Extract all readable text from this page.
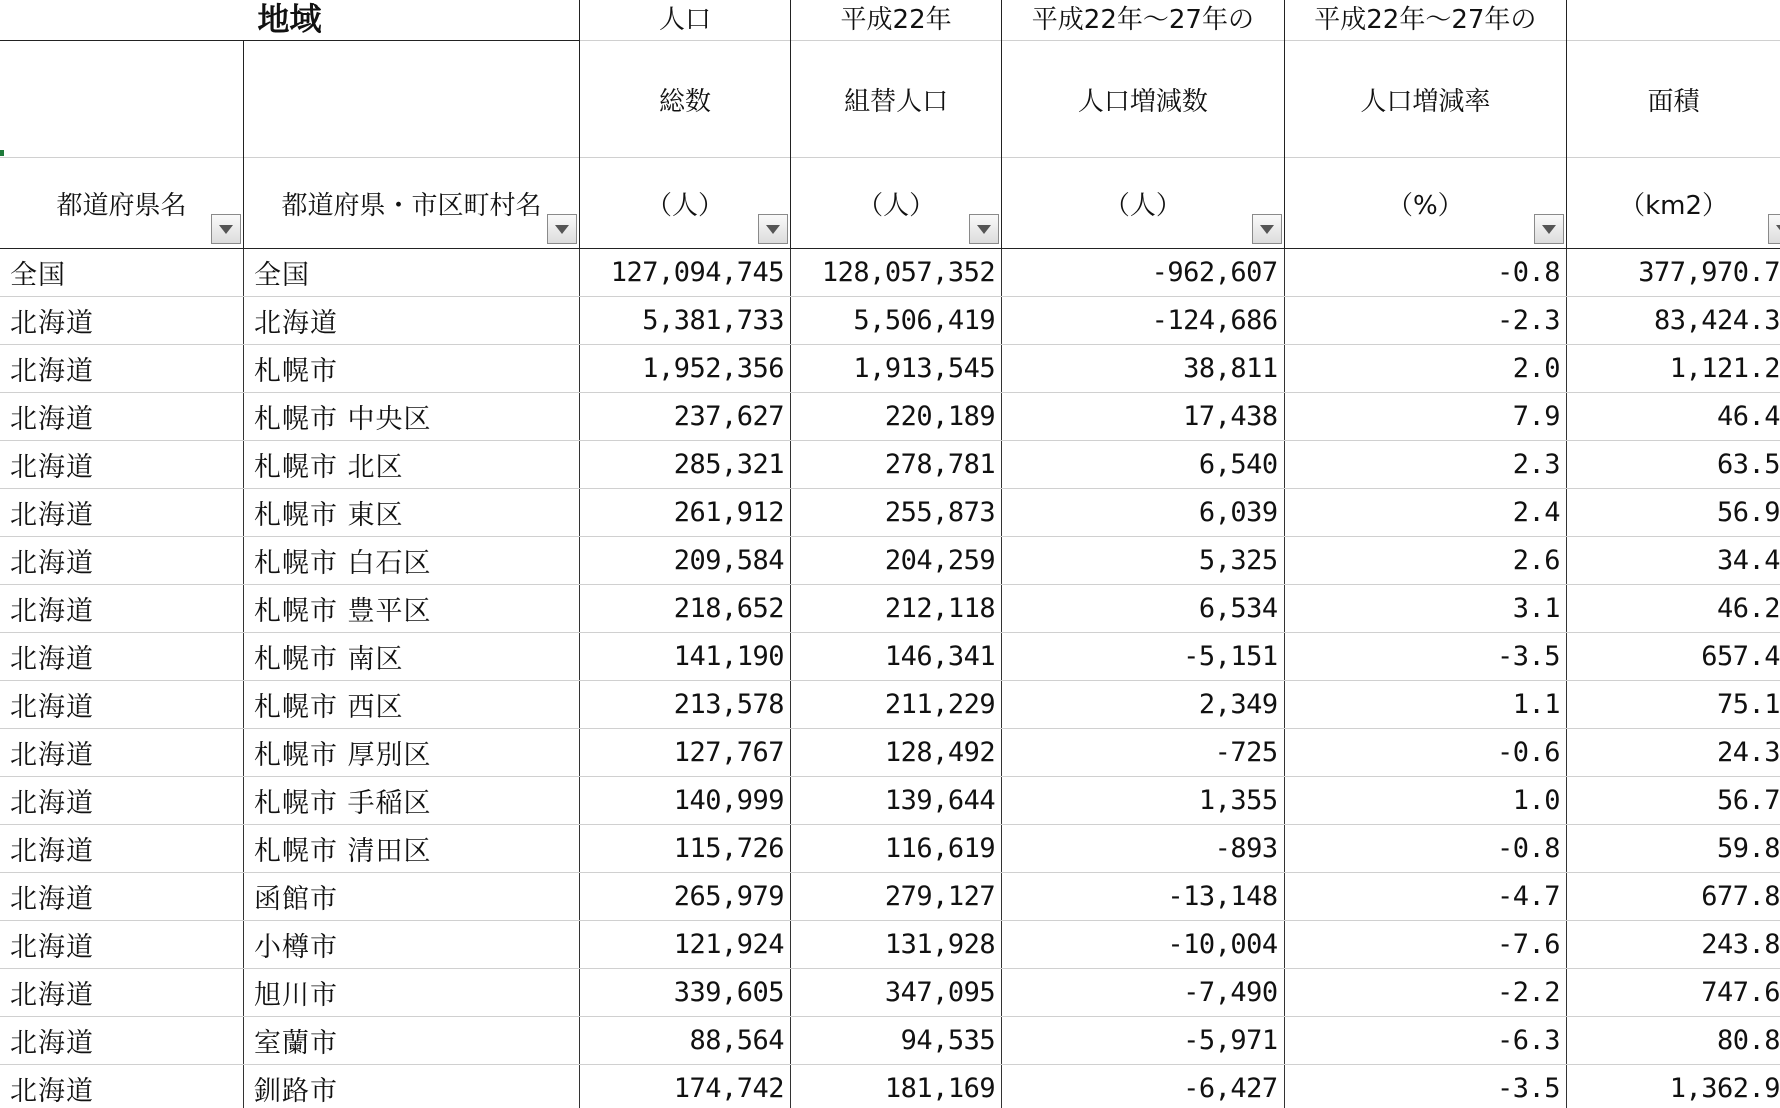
地域		人口	平成22年	平成22年～27年の	平成22年～27年の	
		総数	組替人口	人口増減数	人口増減率	面積
都道府県名	都道府県・市区町村名	（人）	（人）	（人）	（%）	（km2）

全国	全国	127,094,745	128,057,352	-962,607	-0.8	377,970.7
北海道	北海道	5,381,733	5,506,419	-124,686	-2.3	83,424.3
北海道	札幌市	1,952,356	1,913,545	38,811	2.0	1,121.2
北海道	札幌市 中央区	237,627	220,189	17,438	7.9	46.4
北海道	札幌市 北区	285,321	278,781	6,540	2.3	63.5
北海道	札幌市 東区	261,912	255,873	6,039	2.4	56.9
北海道	札幌市 白石区	209,584	204,259	5,325	2.6	34.4
北海道	札幌市 豊平区	218,652	212,118	6,534	3.1	46.2
北海道	札幌市 南区	141,190	146,341	-5,151	-3.5	657.4
北海道	札幌市 西区	213,578	211,229	2,349	1.1	75.1
北海道	札幌市 厚別区	127,767	128,492	-725	-0.6	24.3
北海道	札幌市 手稲区	140,999	139,644	1,355	1.0	56.7
北海道	札幌市 清田区	115,726	116,619	-893	-0.8	59.8
北海道	函館市	265,979	279,127	-13,148	-4.7	677.8
北海道	小樽市	121,924	131,928	-10,004	-7.6	243.8
北海道	旭川市	339,605	347,095	-7,490	-2.2	747.6
北海道	室蘭市	88,564	94,535	-5,971	-6.3	80.8
北海道	釧路市	174,742	181,169	-6,427	-3.5	1,362.9
